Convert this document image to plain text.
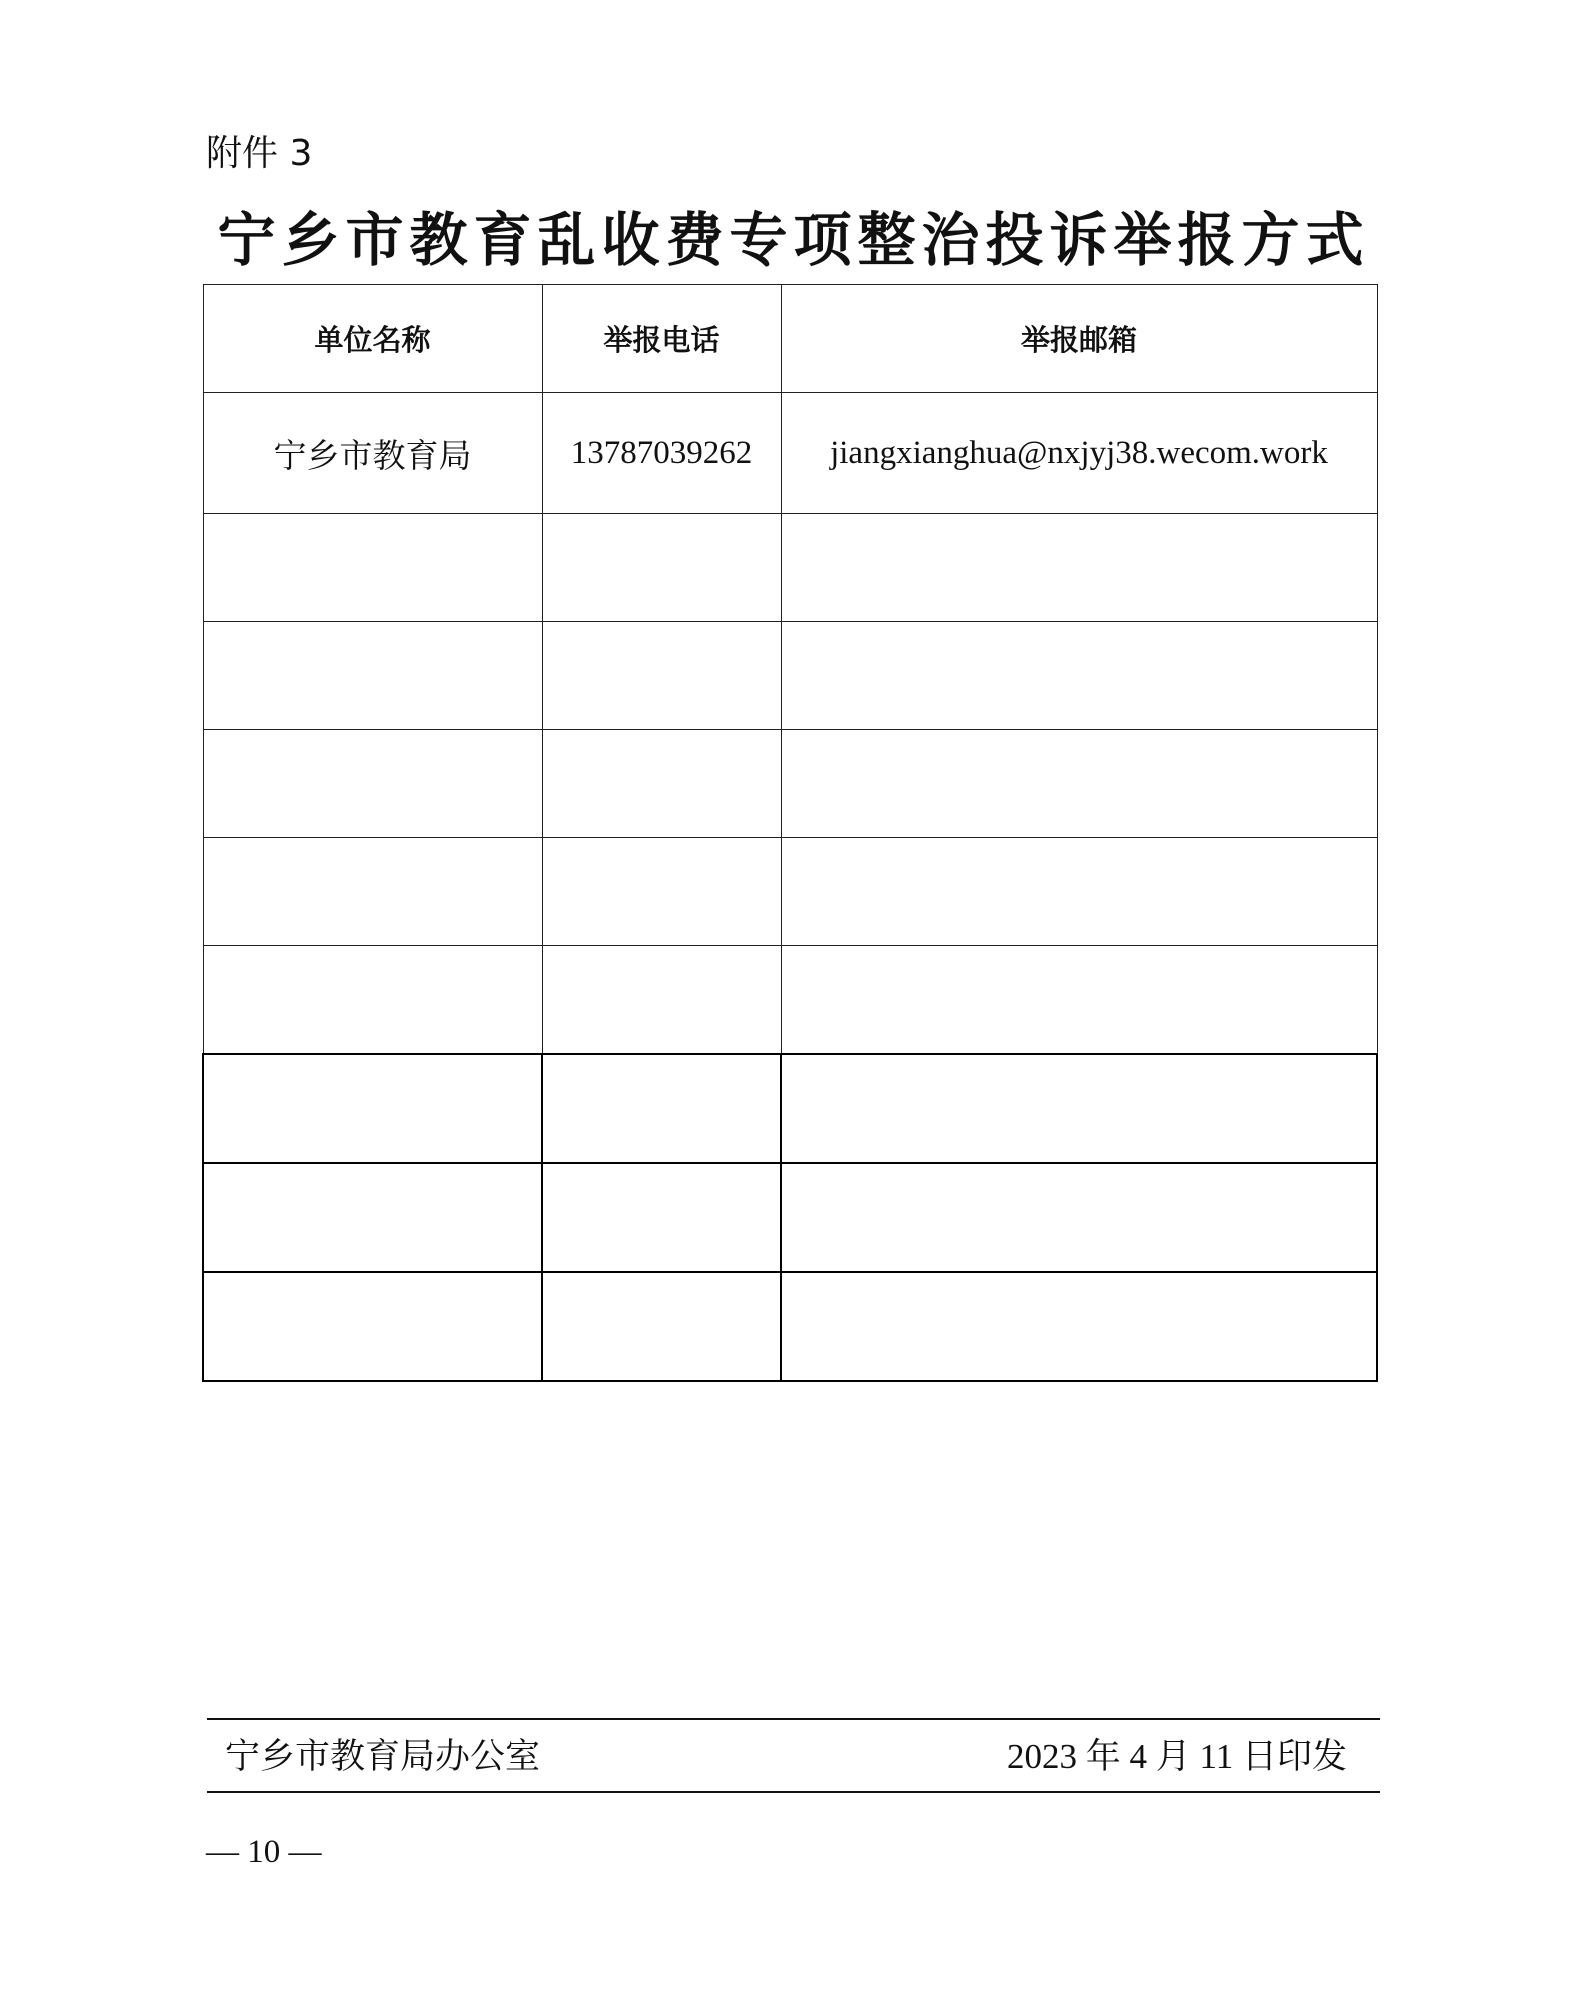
附件 3
宁乡市教育乱收费专项整治投诉举报方式
单位名称	举报电话	举报邮箱
宁乡市教育局	13787039262	jiangxianghua@nxjyj38.wecom.work

宁乡市教育局办公室	2023 年 4 月 11 日印发
— 10 —
